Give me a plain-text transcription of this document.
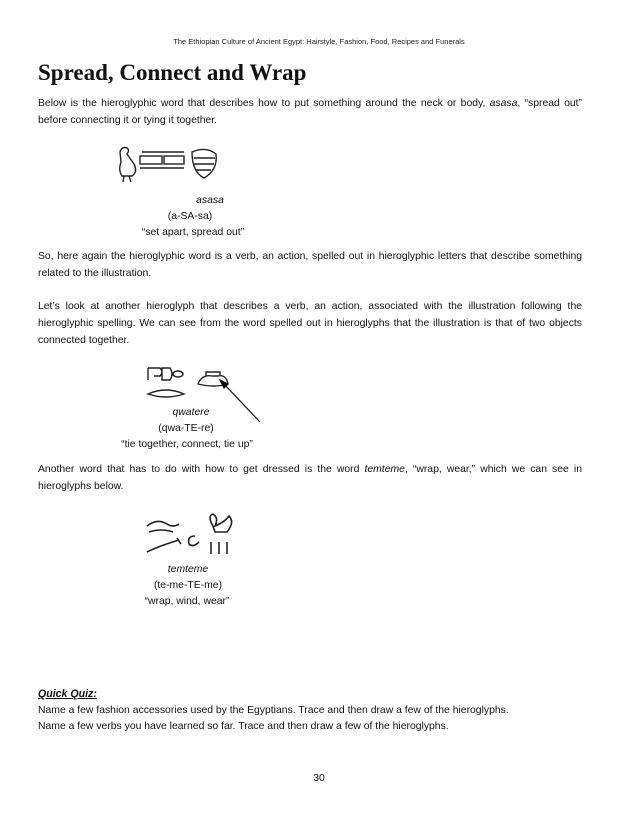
The Ethiopian Culture of Ancient Egypt: Hairstyle, Fashion, Food, Recipes and Funerals
Spread, Connect and Wrap
Below is the hieroglyphic word that describes how to put something around the neck or body, asasa, “spread out” before connecting it or tying it together.
asasa
(a-SA-sa)
“set apart, spread out”
So, here again the hieroglyphic word is a verb, an action, spelled out in hieroglyphic letters that describe something related to the illustration.
Let’s look at another hieroglyph that describes a verb, an action, associated with the illustration following the hieroglyphic spelling. We can see from the word spelled out in hieroglyphs that the illustration is that of two objects connected together.
qwatere
(qwa-TE-re)
“tie together, connect, tie up”
Another word that has to do with how to get dressed is the word temteme, “wrap, wear,” which we can see in hieroglyphs below.
temteme
(te-me-TE-me)
“wrap, wind, wear”
Quick Quiz:
Name a few fashion accessories used by the Egyptians. Trace and then draw a few of the hieroglyphs.
Name a few verbs you have learned so far. Trace and then draw a few of the hieroglyphs.
30
